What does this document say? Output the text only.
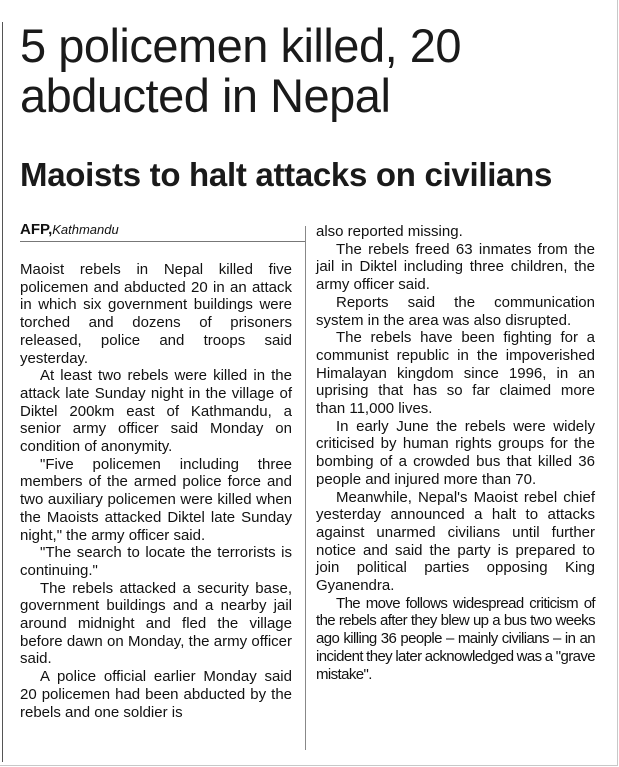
5 policemen killed, 20
abducted in Nepal
Maoists to halt attacks on civilians
AFP,Kathmandu

Maoist rebels in Nepal killed five policemen and abducted 20 in an attack in which six government buildings were torched and dozens of prisoners released, police and troops said yesterday.

At least two rebels were killed in the attack late Sunday night in the village of Diktel 200km east of Kathmandu, a senior army officer said Monday on condition of anonymity.

"Five policemen including three members of the armed police force and two auxiliary policemen were killed when the Maoists attacked Diktel late Sunday night," the army officer said.

"The search to locate the terrorists is continuing."

The rebels attacked a security base, government buildings and a nearby jail around midnight and fled the village before dawn on Monday, the army officer said.

A police official earlier Monday said 20 policemen had been abducted by the rebels and one soldier is

also reported missing.

The rebels freed 63 inmates from the jail in Diktel including three children, the army officer said.

Reports said the communication system in the area was also disrupted.

The rebels have been fighting for a communist republic in the impoverished Himalayan kingdom since 1996, in an uprising that has so far claimed more than 11,000 lives.

In early June the rebels were widely criticised by human rights groups for the bombing of a crowded bus that killed 36 people and injured more than 70.

Meanwhile, Nepal's Maoist rebel chief yesterday announced a halt to attacks against unarmed civilians until further notice and said the party is prepared to join political parties opposing King Gyanendra.

The move follows widespread criticism of the rebels after they blew up a bus two weeks ago killing 36 people – mainly civilians – in an incident they later acknowledged was a "grave mistake".
